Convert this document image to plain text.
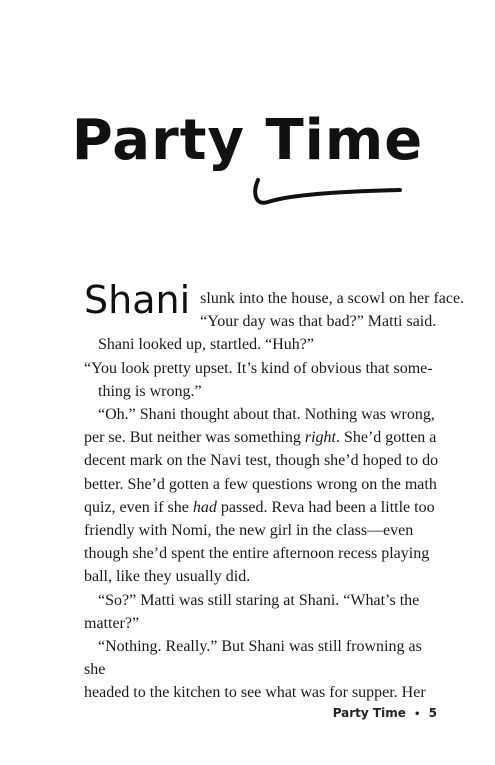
Party Time

Shani slunk into the house, a scowl on her face.

“Your day was that bad?” Matti said.

Shani looked up, startled. “Huh?”

“You look pretty upset. It’s kind of obvious that some-
thing is wrong.”

“Oh.” Shani thought about that. Nothing was wrong,
per se. But neither was something right. She’d gotten a
decent mark on the Navi test, though she’d hoped to do
better. She’d gotten a few questions wrong on the math
quiz, even if she had passed. Reva had been a little too
friendly with Nomi, the new girl in the class—even
though she’d spent the entire afternoon recess playing
ball, like they usually did.

“So?” Matti was still staring at Shani. “What’s the
matter?”

“Nothing. Really.” But Shani was still frowning as she
headed to the kitchen to see what was for supper. Her

Party Time • 5
